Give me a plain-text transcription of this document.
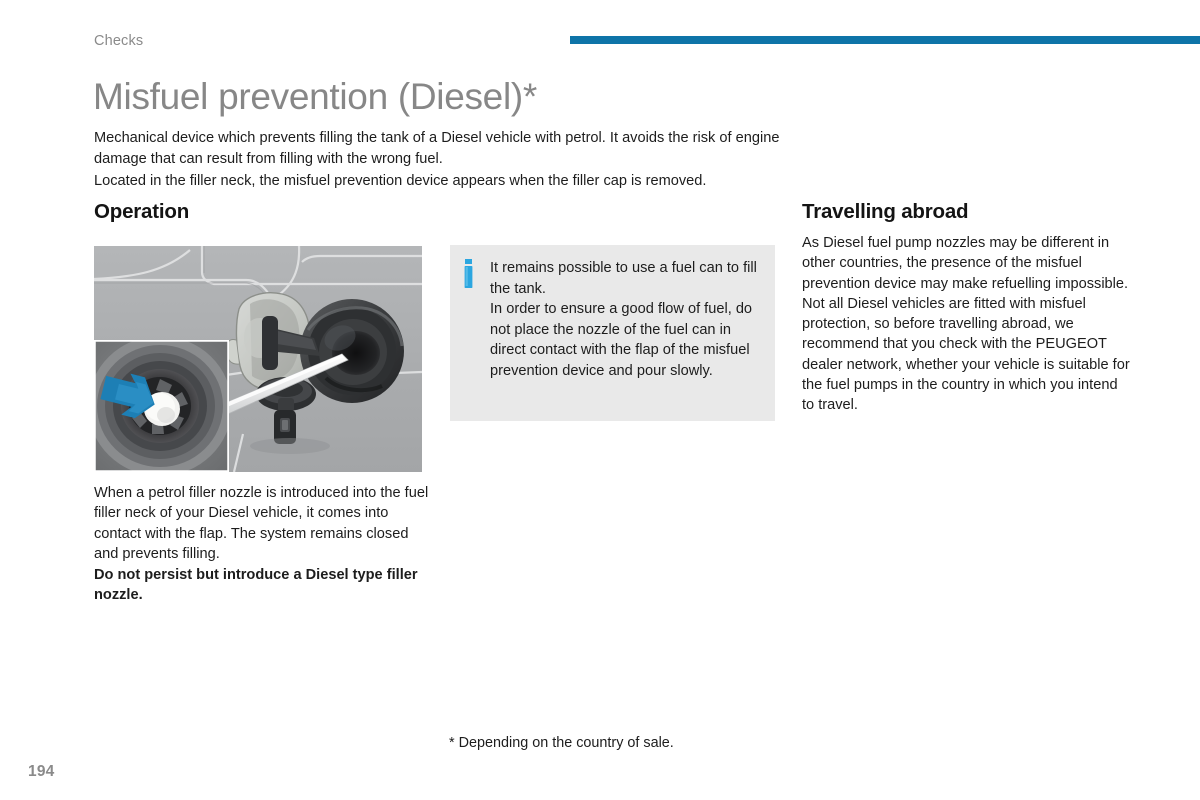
Checks
Misfuel prevention (Diesel)*

Mechanical device which prevents filling the tank of a Diesel vehicle with petrol. It avoids the risk of engine damage that can result from filling with the wrong fuel.

Located in the filler neck, the misfuel prevention device appears when the filler cap is removed.

Operation

When a petrol filler nozzle is introduced into the fuel filler neck of your Diesel vehicle, it comes into contact with the flap. The system remains closed and prevents filling.

Do not persist but introduce a Diesel type filler nozzle.

It remains possible to use a fuel can to fill the tank.

In order to ensure a good flow of fuel, do not place the nozzle of the fuel can in direct contact with the flap of the misfuel prevention device and pour slowly.

Travelling abroad

As Diesel fuel pump nozzles may be different in other countries, the presence of the misfuel prevention device may make refuelling impossible.

Not all Diesel vehicles are fitted with misfuel protection, so before travelling abroad, we recommend that you check with the PEUGEOT dealer network, whether your vehicle is suitable for the fuel pumps in the country in which you intend to travel.

* Depending on the country of sale.
194
